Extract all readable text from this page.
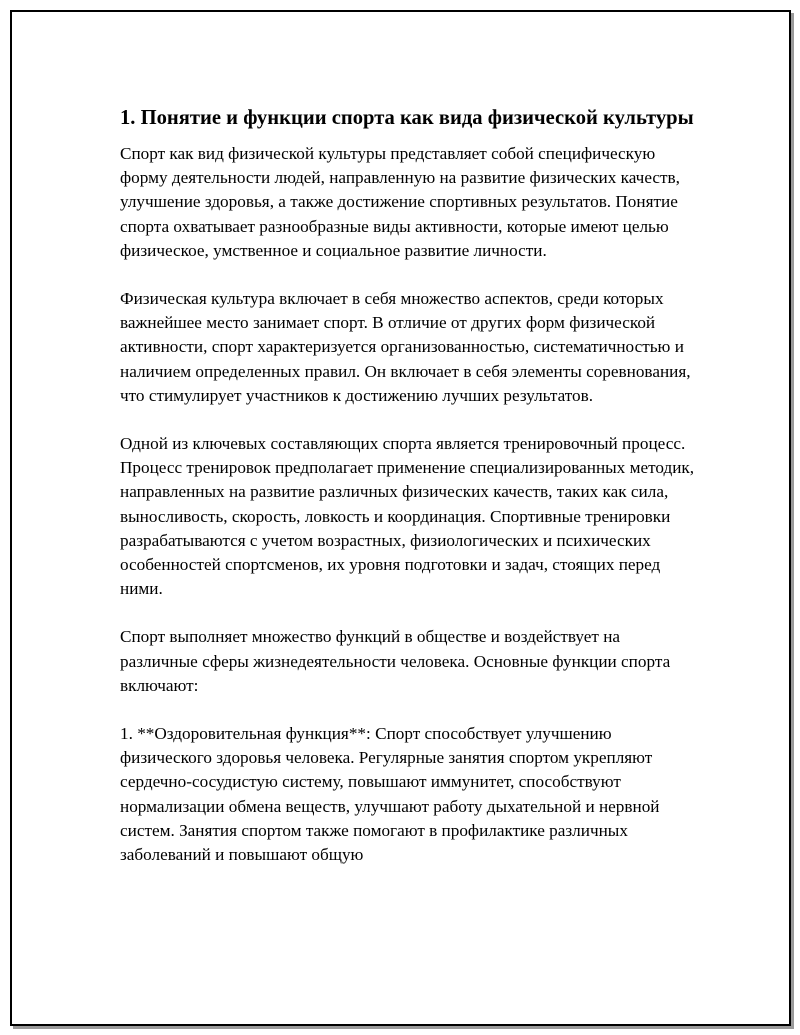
1. Понятие и функции спорта как вида физической культуры

Спорт как вид физической культуры представляет собой специфическую форму деятельности людей, направленную на развитие физических качеств, улучшение здоровья, а также достижение спортивных результатов. Понятие спорта охватывает разнообразные виды активности, которые имеют целью физическое, умственное и социальное развитие личности.

Физическая культура включает в себя множество аспектов, среди которых важнейшее место занимает спорт. В отличие от других форм физической активности, спорт характеризуется организованностью, систематичностью и наличием определенных правил. Он включает в себя элементы соревнования, что стимулирует участников к достижению лучших результатов.

Одной из ключевых составляющих спорта является тренировочный процесс. Процесс тренировок предполагает применение специализированных методик, направленных на развитие различных физических качеств, таких как сила, выносливость, скорость, ловкость и координация. Спортивные тренировки разрабатываются с учетом возрастных, физиологических и психических особенностей спортсменов, их уровня подготовки и задач, стоящих перед ними.

Спорт выполняет множество функций в обществе и воздействует на различные сферы жизнедеятельности человека. Основные функции спорта включают:

1. **Оздоровительная функция**: Спорт способствует улучшению физического здоровья человека. Регулярные занятия спортом укрепляют сердечно-сосудистую систему, повышают иммунитет, способствуют нормализации обмена веществ, улучшают работу дыхательной и нервной систем. Занятия спортом также помогают в профилактике различных заболеваний и повышают общую
